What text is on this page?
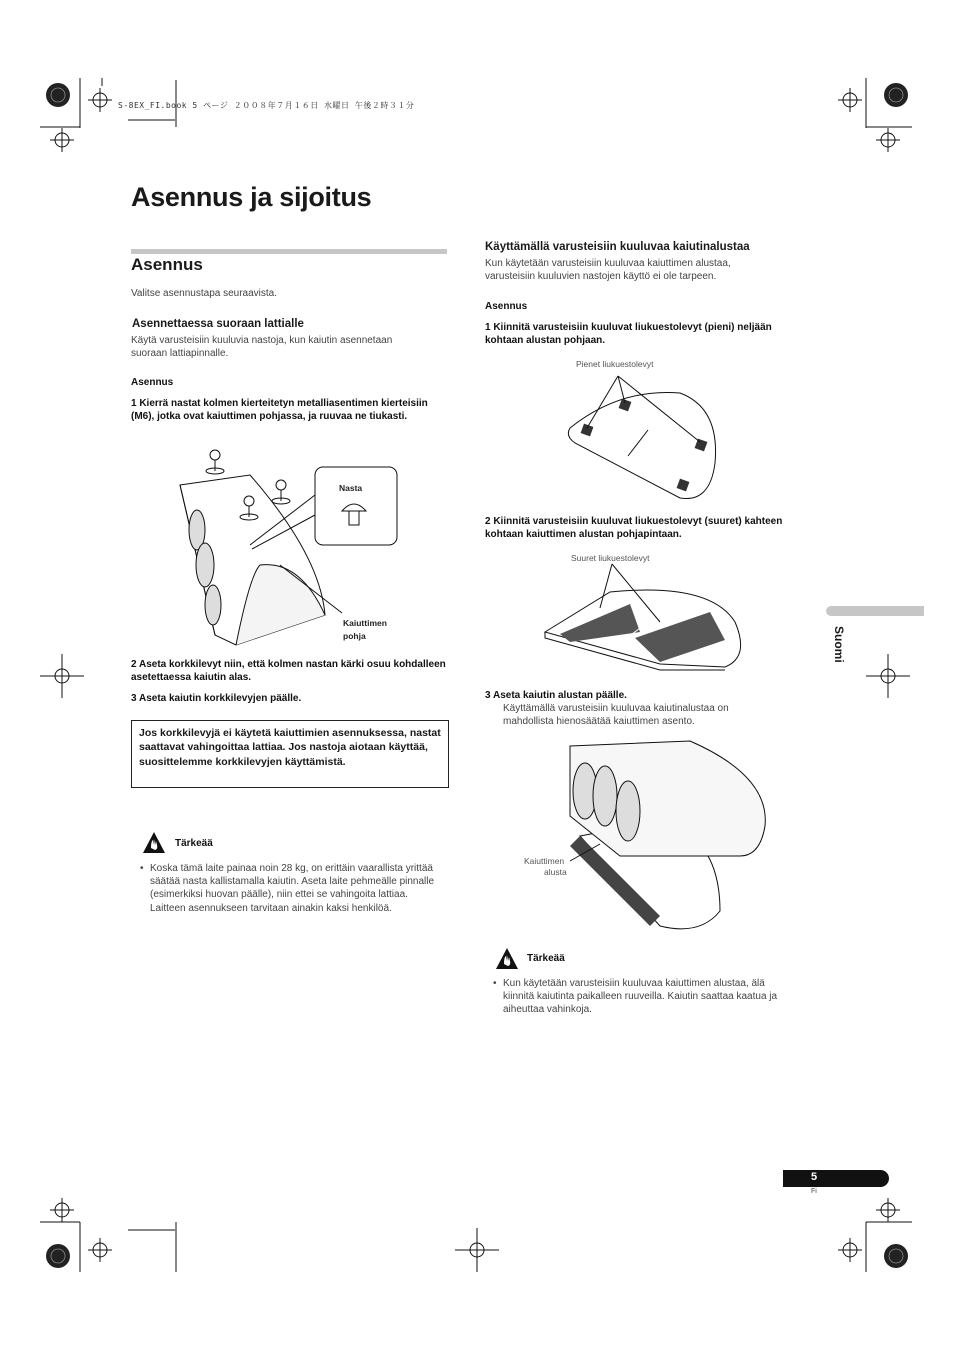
S-8EX_FI.book 5 ページ ２００８年７月１６日 水曜日 午後２時３１分
Asennus ja sijoitus
Asennus
Valitse asennustapa seuraavista.
Asennettaessa suoraan lattialle
Käytä varusteisiin kuuluvia nastoja, kun kaiutin asennetaan suoraan lattiapinnalle.
Asennus
1 Kierrä nastat kolmen kierteitetyn metalliasentimen kierteisiin (M6), jotka ovat kaiuttimen pohjassa, ja ruuvaa ne tiukasti.
Nasta
Kaiuttimen
pohja
2 Aseta korkkilevyt niin, että kolmen nastan kärki osuu kohdalleen asetettaessa kaiutin alas.
3 Aseta kaiutin korkkilevyjen päälle.
Jos korkkilevyjä ei käytetä kaiuttimien asennuksessa, nastat saattavat vahingoittaa lattiaa. Jos nastoja aiotaan käyttää, suosittelemme korkkilevyjen käyttämistä.
Tärkeää
• Koska tämä laite painaa noin 28 kg, on erittäin vaarallista yrittää säätää nasta kallistamalla kaiutin. Aseta laite pehmeälle pinnalle (esimerkiksi huovan päälle), niin ettei se vahingoita lattiaa. Laitteen asennukseen tarvitaan ainakin kaksi henkilöä.
Käyttämällä varusteisiin kuuluvaa kaiutinalustaa
Kun käytetään varusteisiin kuuluvaa kaiuttimen alustaa, varusteisiin kuuluvien nastojen käyttö ei ole tarpeen.
Asennus
1 Kiinnitä varusteisiin kuuluvat liukuestolevyt (pieni) neljään kohtaan alustan pohjaan.
Pienet liukuestolevyt
2 Kiinnitä varusteisiin kuuluvat liukuestolevyt (suuret) kahteen kohtaan kaiuttimen alustan pohjapintaan.
Suuret liukuestolevyt
3 Aseta kaiutin alustan päälle.
Käyttämällä varusteisiin kuuluvaa kaiutinalustaa on mahdollista hienosäätää kaiuttimen asento.
Kaiuttimen
alusta
Tärkeää
• Kun käytetään varusteisiin kuuluvaa kaiuttimen alustaa, älä kiinnitä kaiutinta paikalleen ruuveilla. Kaiutin saattaa kaatua ja aiheuttaa vahinkoja.
Suomi
5
Fi
